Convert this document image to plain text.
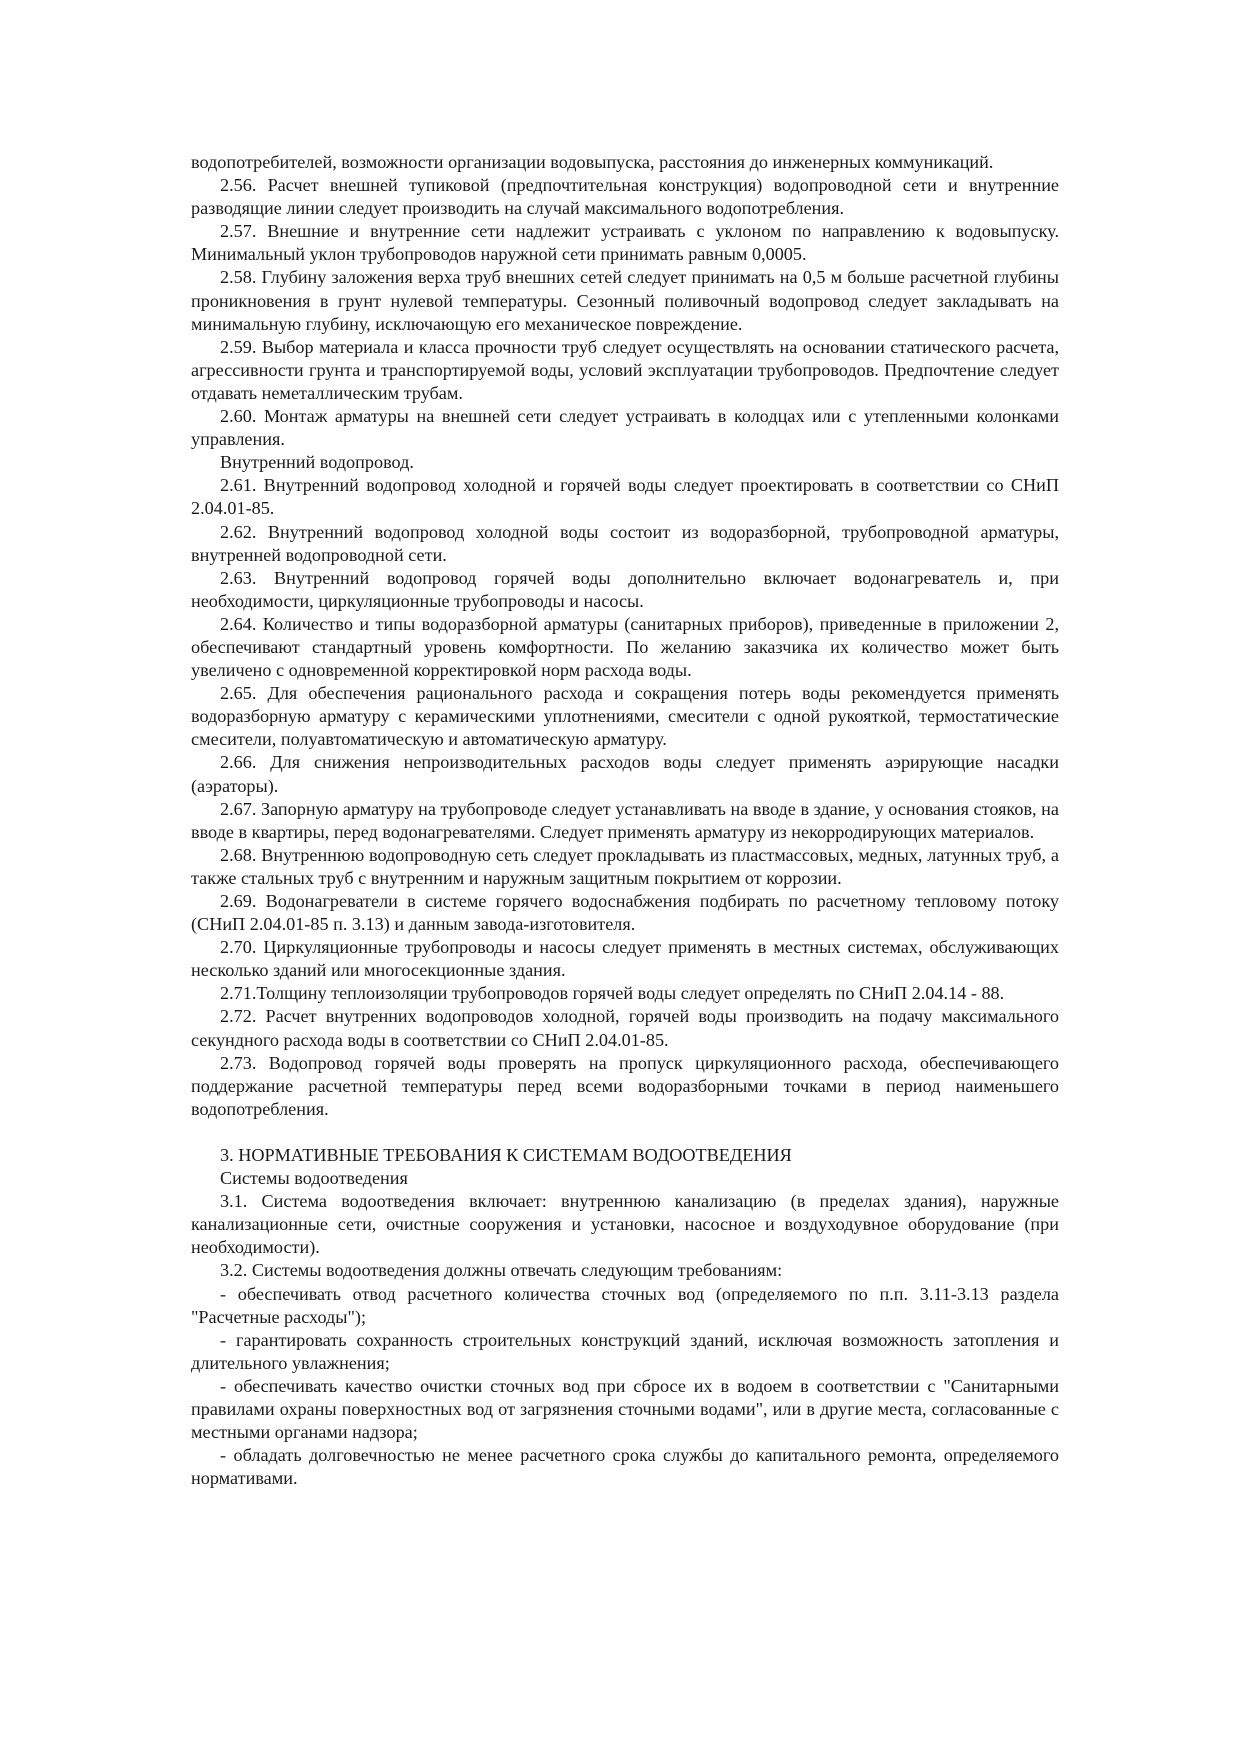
водопотребителей, возможности организации водовыпуска, расстояния до инженерных коммуникаций.

2.56. Расчет внешней тупиковой (предпочтительная конструкция) водопроводной сети и внутренние разводящие линии следует производить на случай максимального водопотребления.

2.57. Внешние и внутренние сети надлежит устраивать с уклоном по направлению к водовыпуску. Минимальный уклон трубопроводов наружной сети принимать равным 0,0005.

2.58. Глубину заложения верха труб внешних сетей следует принимать на 0,5 м больше расчетной глубины проникновения в грунт нулевой температуры. Сезонный поливочный водопровод следует закладывать на минимальную глубину, исключающую его механическое повреждение.

2.59. Выбор материала и класса прочности труб следует осуществлять на основании статического расчета, агрессивности грунта и транспортируемой воды, условий эксплуатации трубопроводов. Предпочтение следует отдавать неметаллическим трубам.

2.60. Монтаж арматуры на внешней сети следует устраивать в колодцах или с утепленными колонками управления.

Внутренний водопровод.

2.61. Внутренний водопровод холодной и горячей воды следует проектировать в соответствии со СНиП 2.04.01-85.

2.62. Внутренний водопровод холодной воды состоит из водоразборной, трубопроводной арматуры, внутренней водопроводной сети.

2.63. Внутренний водопровод горячей воды дополнительно включает водонагреватель и, при необходимости, циркуляционные трубопроводы и насосы.

2.64. Количество и типы водоразборной арматуры (санитарных приборов), приведенные в приложении 2, обеспечивают стандартный уровень комфортности. По желанию заказчика их количество может быть увеличено с одновременной корректировкой норм расхода воды.

2.65. Для обеспечения рационального расхода и сокращения потерь воды рекомендуется применять водоразборную арматуру с керамическими уплотнениями, смесители с одной рукояткой, термостатические смесители, полуавтоматическую и автоматическую арматуру.

2.66. Для снижения непроизводительных расходов воды следует применять аэрирующие насадки (аэраторы).

2.67. Запорную арматуру на трубопроводе следует устанавливать на вводе в здание, у основания стояков, на вводе в квартиры, перед водонагревателями. Следует применять арматуру из некорродирующих материалов.

2.68. Внутреннюю водопроводную сеть следует прокладывать из пластмассовых, медных, латунных труб, а также стальных труб с внутренним и наружным защитным покрытием от коррозии.

2.69. Водонагреватели в системе горячего водоснабжения подбирать по расчетному тепловому потоку (СНиП 2.04.01-85 п. 3.13) и данным завода-изготовителя.

2.70. Циркуляционные трубопроводы и насосы следует применять в местных системах, обслуживающих несколько зданий или многосекционные здания.

2.71.Толщину теплоизоляции трубопроводов горячей воды следует определять по СНиП 2.04.14 - 88.

2.72. Расчет внутренних водопроводов холодной, горячей воды производить на подачу максимального секундного расхода воды в соответствии со СНиП 2.04.01-85.

2.73. Водопровод горячей воды проверять на пропуск циркуляционного расхода, обеспечивающего поддержание расчетной температуры перед всеми водоразборными точками в период наименьшего водопотребления.

3. НОРМАТИВНЫЕ ТРЕБОВАНИЯ К СИСТЕМАМ ВОДООТВЕДЕНИЯ

Системы водоотведения

3.1. Система водоотведения включает: внутреннюю канализацию (в пределах здания), наружные канализационные сети, очистные сооружения и установки, насосное и воздуходувное оборудование (при необходимости).

3.2. Системы водоотведения должны отвечать следующим требованиям:

- обеспечивать отвод расчетного количества сточных вод (определяемого по п.п. 3.11-3.13 раздела "Расчетные расходы");

- гарантировать сохранность строительных конструкций зданий, исключая возможность затопления и длительного увлажнения;

- обеспечивать качество очистки сточных вод при сбросе их в водоем в соответствии с "Санитарными правилами охраны поверхностных вод от загрязнения сточными водами", или в другие места, согласованные с местными органами надзора;

- обладать долговечностью не менее расчетного срока службы до капитального ремонта, определяемого нормативами.
